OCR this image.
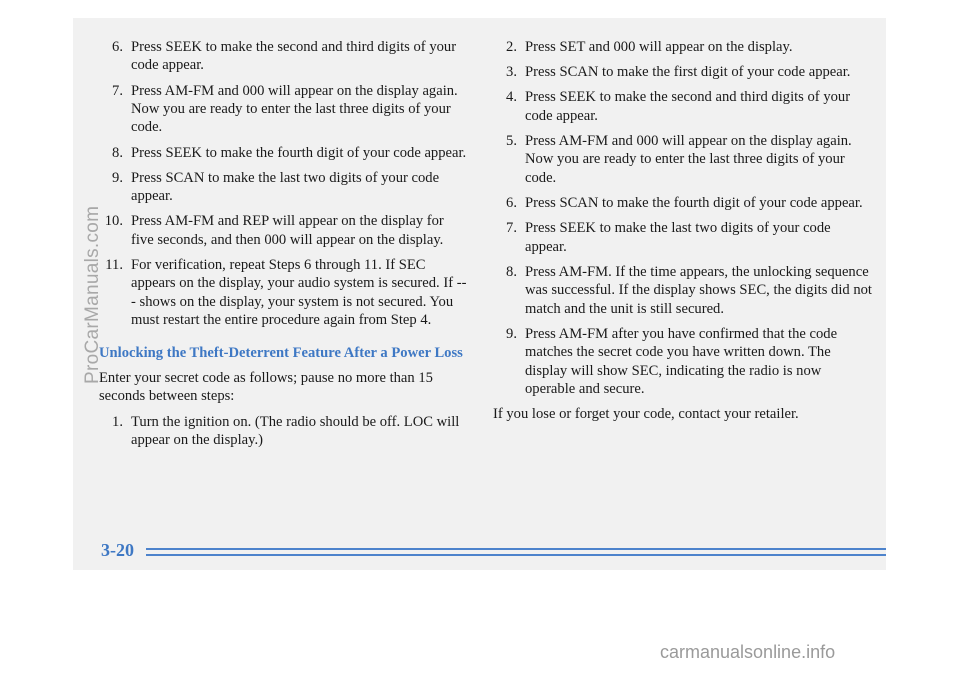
6. Press SEEK to make the second and third digits of your code appear.
7. Press AM-FM and 000 will appear on the display again. Now you are ready to enter the last three digits of your code.
8. Press SEEK to make the fourth digit of your code appear.
9. Press SCAN to make the last two digits of your code appear.
10. Press AM-FM and REP will appear on the display for five seconds, and then 000 will appear on the display.
11. For verification, repeat Steps 6 through 11. If SEC appears on the display, your audio system is secured. If --- shows on the display, your system is not secured. You must restart the entire procedure again from Step 4.
Unlocking the Theft-Deterrent Feature After a Power Loss

Enter your secret code as follows; pause no more than 15 seconds between steps:

1. Turn the ignition on. (The radio should be off. LOC will appear on the display.)
2. Press SET and 000 will appear on the display.
3. Press SCAN to make the first digit of your code appear.
4. Press SEEK to make the second and third digits of your code appear.
5. Press AM-FM and 000 will appear on the display again. Now you are ready to enter the last three digits of your code.
6. Press SCAN to make the fourth digit of your code appear.
7. Press SEEK to make the last two digits of your code appear.
8. Press AM-FM. If the time appears, the unlocking sequence was successful. If the display shows SEC, the digits did not match and the unit is still secured.
9. Press AM-FM after you have confirmed that the code matches the secret code you have written down. The display will show SEC, indicating the radio is now operable and secure.

If you lose or forget your code, contact your retailer.

3-20
ProCarManuals.com
carmanualsonline.info
